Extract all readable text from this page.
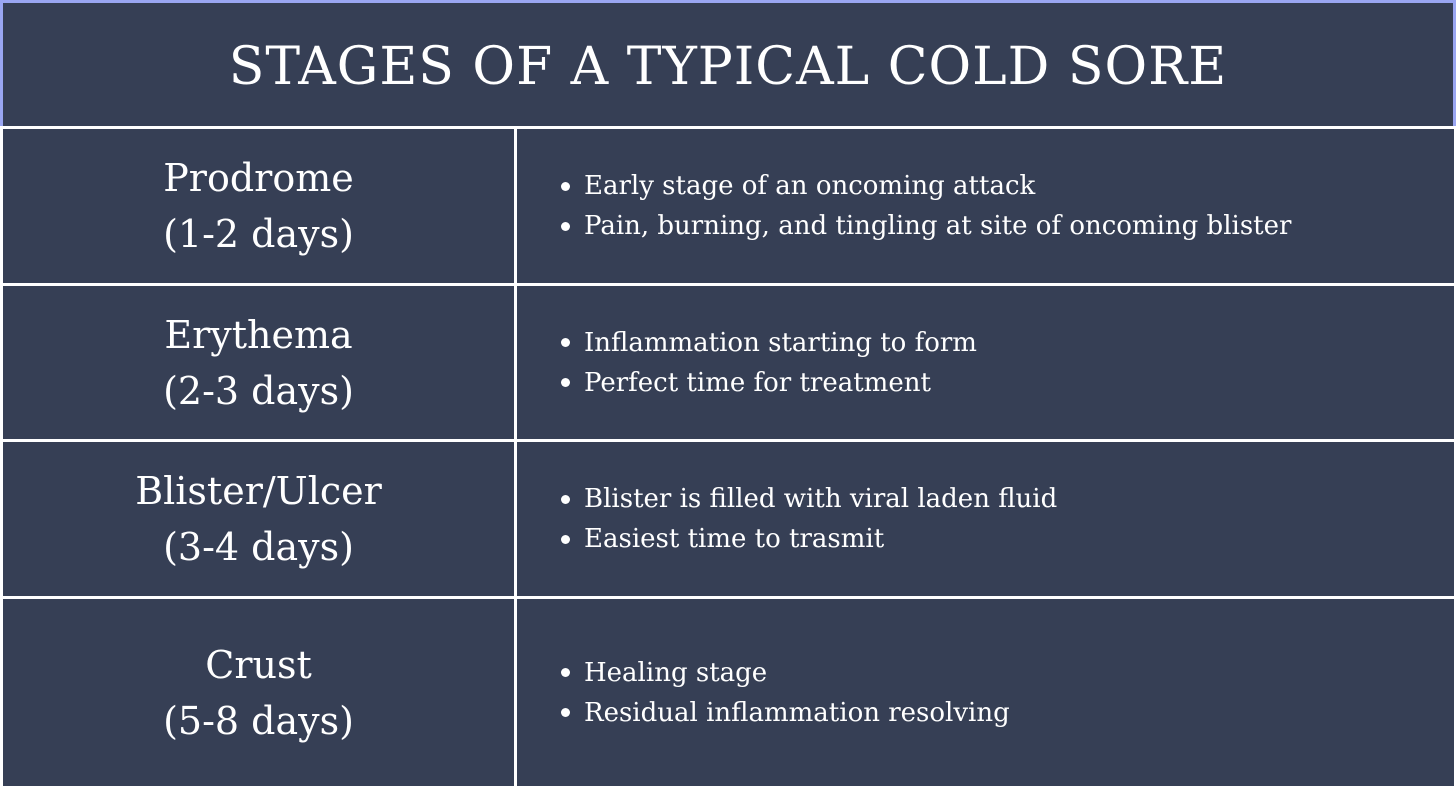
STAGES OF A TYPICAL COLD SORE
Prodrome
(1-2 days)
Early stage of an oncoming attack
Pain, burning, and tingling at site of oncoming blister
Erythema
(2-3 days)
Inflammation starting to form
Perfect time for treatment
Blister/Ulcer
(3-4 days)
Blister is filled with viral laden fluid
Easiest time to trasmit
Crust
(5-8 days)
Healing stage
Residual inflammation resolving
